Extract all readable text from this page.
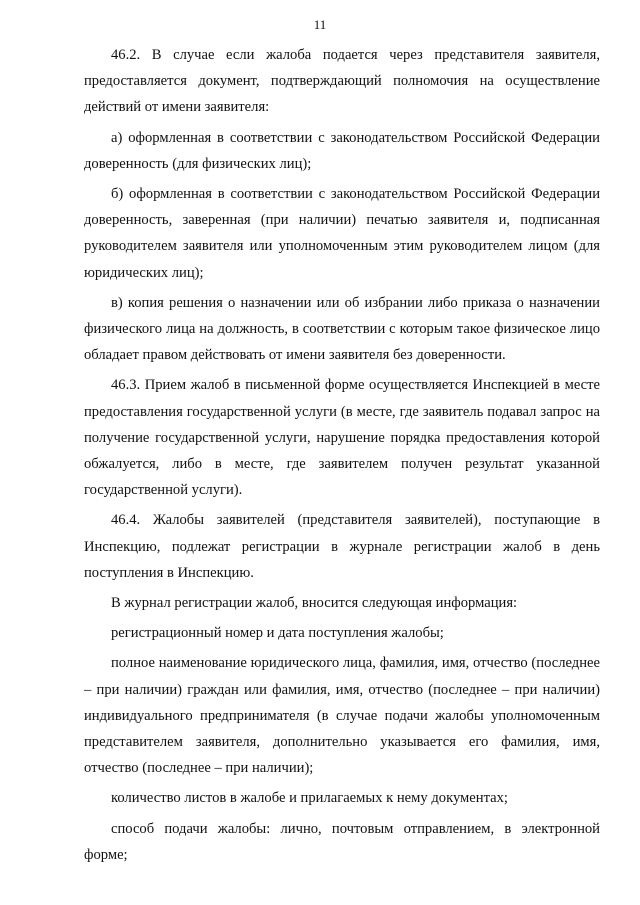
11

46.2. В случае если жалоба подается через представителя заявителя, предоставляется документ, подтверждающий полномочия на осуществление действий от имени заявителя:

а) оформленная в соответствии с законодательством Российской Федерации доверенность (для физических лиц);

б) оформленная в соответствии с законодательством Российской Федерации доверенность, заверенная (при наличии) печатью заявителя и, подписанная руководителем заявителя или уполномоченным этим руководителем лицом (для юридических лиц);

в) копия решения о назначении или об избрании либо приказа о назначении физического лица на должность, в соответствии с которым такое физическое лицо обладает правом действовать от имени заявителя без доверенности.

46.3. Прием жалоб в письменной форме осуществляется Инспекцией в месте предоставления государственной услуги (в месте, где заявитель подавал запрос на получение государственной услуги, нарушение порядка предоставления которой обжалуется, либо в месте, где заявителем получен результат указанной государственной услуги).

46.4. Жалобы заявителей (представителя заявителей), поступающие в Инспекцию, подлежат регистрации в журнале регистрации жалоб в день поступления в Инспекцию.

В журнал регистрации жалоб, вносится следующая информация:

регистрационный номер и дата поступления жалобы;

полное наименование юридического лица, фамилия, имя, отчество (последнее – при наличии) граждан или фамилия, имя, отчество (последнее – при наличии) индивидуального предпринимателя (в случае подачи жалобы уполномоченным представителем заявителя, дополнительно указывается его фамилия, имя, отчество (последнее – при наличии);

количество листов в жалобе и прилагаемых к нему документах;

способ подачи жалобы: лично, почтовым отправлением, в электронной форме;
